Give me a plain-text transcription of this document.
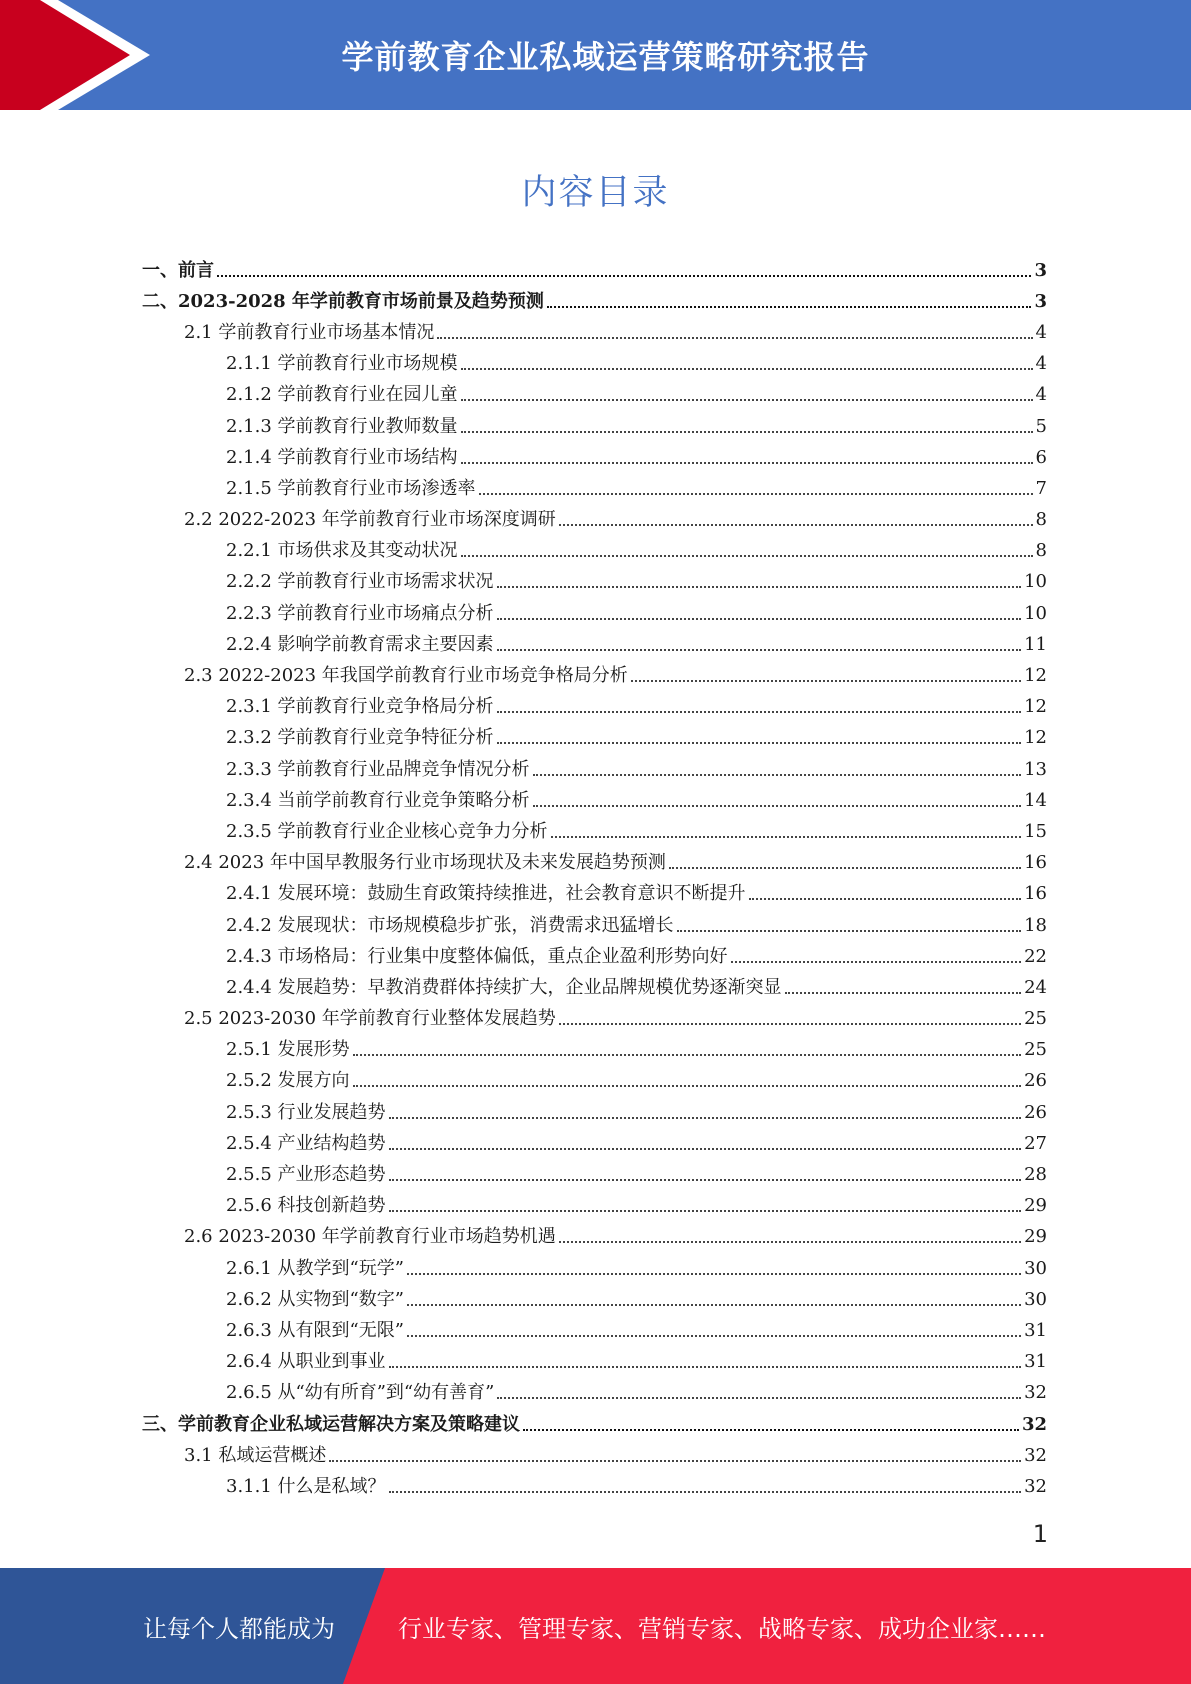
学前教育企业私域运营策略研究报告
内容目录
一、前言	3
二、2023-2028 年学前教育市场前景及趋势预测	3
2.1 学前教育行业市场基本情况	4
2.1.1 学前教育行业市场规模	4
2.1.2 学前教育行业在园儿童	4
2.1.3 学前教育行业教师数量	5
2.1.4 学前教育行业市场结构	6
2.1.5 学前教育行业市场渗透率	7
2.2 2022-2023 年学前教育行业市场深度调研	8
2.2.1 市场供求及其变动状况	8
2.2.2 学前教育行业市场需求状况	10
2.2.3 学前教育行业市场痛点分析	10
2.2.4 影响学前教育需求主要因素	11
2.3 2022-2023 年我国学前教育行业市场竞争格局分析	12
2.3.1 学前教育行业竞争格局分析	12
2.3.2 学前教育行业竞争特征分析	12
2.3.3 学前教育行业品牌竞争情况分析	13
2.3.4 当前学前教育行业竞争策略分析	14
2.3.5 学前教育行业企业核心竞争力分析	15
2.4 2023 年中国早教服务行业市场现状及未来发展趋势预测	16
2.4.1 发展环境：鼓励生育政策持续推进，社会教育意识不断提升	16
2.4.2 发展现状：市场规模稳步扩张，消费需求迅猛增长	18
2.4.3 市场格局：行业集中度整体偏低，重点企业盈利形势向好	22
2.4.4 发展趋势：早教消费群体持续扩大，企业品牌规模优势逐渐突显	24
2.5 2023-2030 年学前教育行业整体发展趋势	25
2.5.1 发展形势	25
2.5.2 发展方向	26
2.5.3 行业发展趋势	26
2.5.4 产业结构趋势	27
2.5.5 产业形态趋势	28
2.5.6 科技创新趋势	29
2.6 2023-2030 年学前教育行业市场趋势机遇	29
2.6.1 从教学到“玩学”	30
2.6.2 从实物到“数字”	30
2.6.3 从有限到“无限”	31
2.6.4 从职业到事业	31
2.6.5 从“幼有所育”到“幼有善育”	32
三、学前教育企业私域运营解决方案及策略建议	32
3.1 私域运营概述	32
3.1.1 什么是私域？	32
1
让每个人都能成为	行业专家、管理专家、营销专家、战略专家、成功企业家……
